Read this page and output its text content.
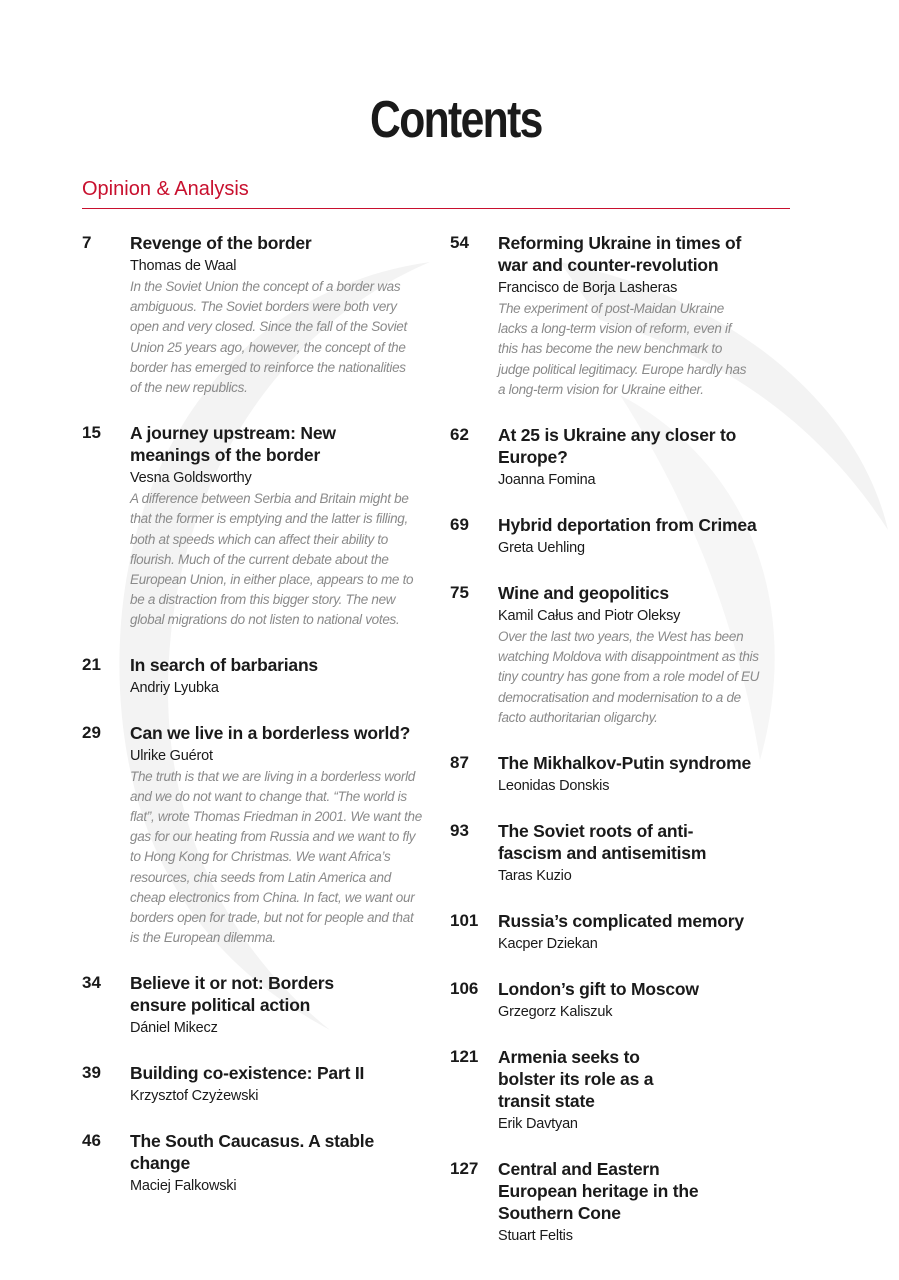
Contents
Opinion & Analysis
7 Revenge of the border
Thomas de Waal
In the Soviet Union the concept of a border was ambiguous. The Soviet borders were both very open and very closed. Since the fall of the Soviet Union 25 years ago, however, the concept of the border has emerged to reinforce the nationalities of the new republics.
15 A journey upstream: New meanings of the border
Vesna Goldsworthy
A difference between Serbia and Britain might be that the former is emptying and the latter is filling, both at speeds which can affect their ability to flourish. Much of the current debate about the European Union, in either place, appears to me to be a distraction from this bigger story. The new global migrations do not listen to national votes.
21 In search of barbarians
Andriy Lyubka
29 Can we live in a borderless world?
Ulrike Guérot
The truth is that we are living in a borderless world and we do not want to change that. “The world is flat”, wrote Thomas Friedman in 2001. We want the gas for our heating from Russia and we want to fly to Hong Kong for Christmas. We want Africa’s resources, chia seeds from Latin America and cheap electronics from China. In fact, we want our borders open for trade, but not for people and that is the European dilemma.
34 Believe it or not: Borders ensure political action
Dániel Mikecz
39 Building co-existence: Part II
Krzysztof Czyżewski
46 The South Caucasus. A stable change
Maciej Falkowski
54 Reforming Ukraine in times of war and counter-revolution
Francisco de Borja Lasheras
The experiment of post-Maidan Ukraine lacks a long-term vision of reform, even if this has become the new benchmark to judge political legitimacy. Europe hardly has a long-term vision for Ukraine either.
62 At 25 is Ukraine any closer to Europe?
Joanna Fomina
69 Hybrid deportation from Crimea
Greta Uehling
75 Wine and geopolitics
Kamil Całus and Piotr Oleksy
Over the last two years, the West has been watching Moldova with disappointment as this tiny country has gone from a role model of EU democratisation and modernisation to a de facto authoritarian oligarchy.
87 The Mikhalkov-Putin syndrome
Leonidas Donskis
93 The Soviet roots of anti-fascism and antisemitism
Taras Kuzio
101 Russia’s complicated memory
Kacper Dziekan
106 London’s gift to Moscow
Grzegorz Kaliszuk
121 Armenia seeks to bolster its role as a transit state
Erik Davtyan
127 Central and Eastern European heritage in the Southern Cone
Stuart Feltis
